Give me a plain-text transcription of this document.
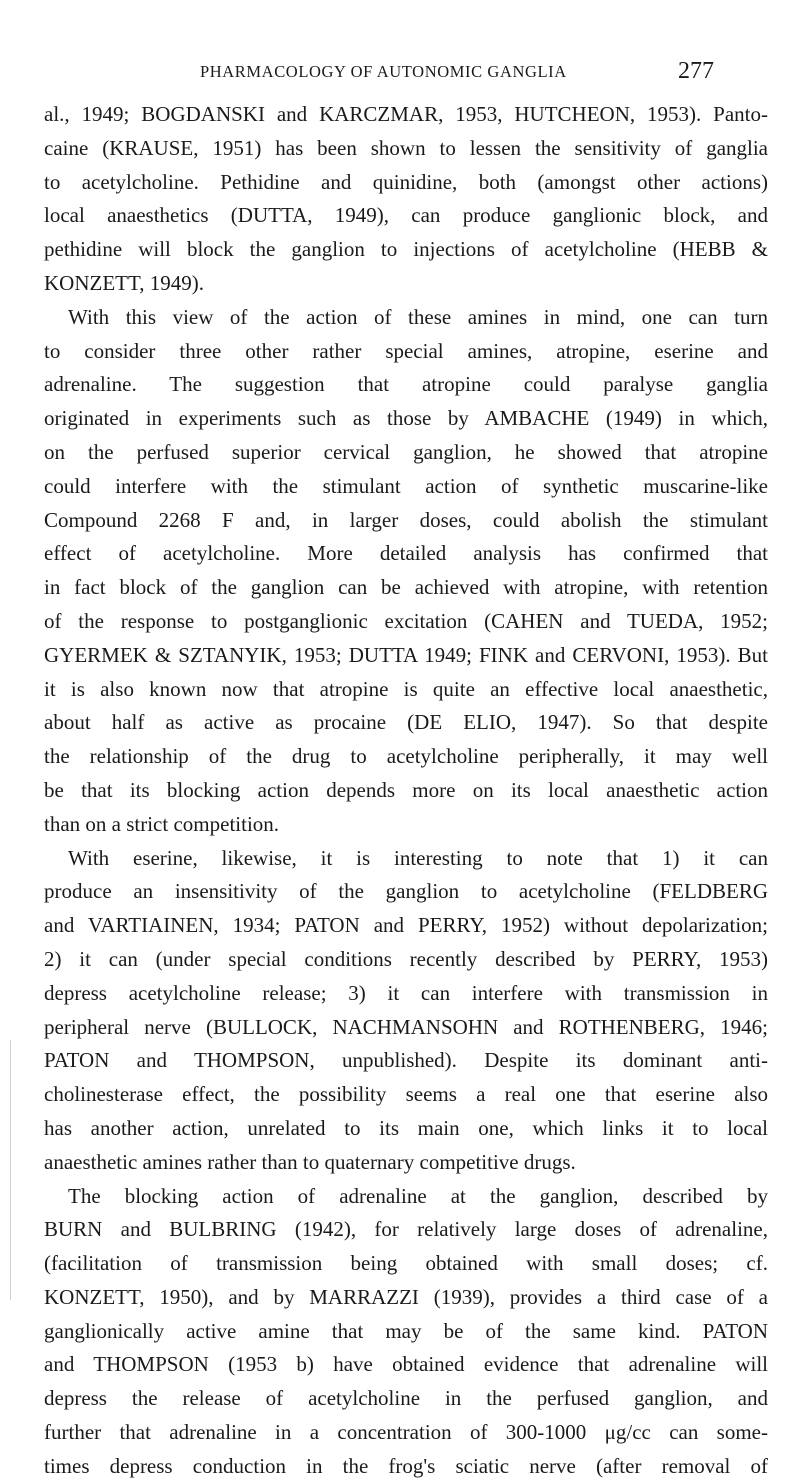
PHARMACOLOGY OF AUTONOMIC GANGLIA	277
al., 1949; BOGDANSKI and KARCZMAR, 1953, HUTCHEON, 1953). Panto-
caine (KRAUSE, 1951) has been shown to lessen the sensitivity of ganglia
to acetylcholine. Pethidine and quinidine, both (amongst other actions)
local anaesthetics (DUTTA, 1949), can produce ganglionic block, and
pethidine will block the ganglion to injections of acetylcholine (HEBB &
KONZETT, 1949).
With this view of the action of these amines in mind, one can turn
to consider three other rather special amines, atropine, eserine and
adrenaline. The suggestion that atropine could paralyse ganglia
originated in experiments such as those by AMBACHE (1949) in which,
on the perfused superior cervical ganglion, he showed that atropine
could interfere with the stimulant action of synthetic muscarine-like
Compound 2268 F and, in larger doses, could abolish the stimulant
effect of acetylcholine. More detailed analysis has confirmed that
in fact block of the ganglion can be achieved with atropine, with retention
of the response to postganglionic excitation (CAHEN and TUEDA, 1952;
GYERMEK & SZTANYIK, 1953; DUTTA 1949; FINK and CERVONI, 1953). But
it is also known now that atropine is quite an effective local anaesthetic,
about half as active as procaine (DE ELIO, 1947). So that despite
the relationship of the drug to acetylcholine peripherally, it may well
be that its blocking action depends more on its local anaesthetic action
than on a strict competition.
With eserine, likewise, it is interesting to note that 1) it can
produce an insensitivity of the ganglion to acetylcholine (FELDBERG
and VARTIAINEN, 1934; PATON and PERRY, 1952) without depolarization;
2) it can (under special conditions recently described by PERRY, 1953)
depress acetylcholine release; 3) it can interfere with transmission in
peripheral nerve (BULLOCK, NACHMANSOHN and ROTHENBERG, 1946;
PATON and THOMPSON, unpublished). Despite its dominant anti-
cholinesterase effect, the possibility seems a real one that eserine also
has another action, unrelated to its main one, which links it to local
anaesthetic amines rather than to quaternary competitive drugs.
The blocking action of adrenaline at the ganglion, described by
BURN and BULBRING (1942), for relatively large doses of adrenaline,
(facilitation of transmission being obtained with small doses; cf.
KONZETT, 1950), and by MARRAZZI (1939), provides a third case of a
ganglionically active amine that may be of the same kind. PATON
and THOMPSON (1953 b) have obtained evidence that adrenaline will
depress the release of acetylcholine in the perfused ganglion, and
further that adrenaline in a concentration of 300-1000 μg/cc can some-
times depress conduction in the frog's sciatic nerve (after removal of
